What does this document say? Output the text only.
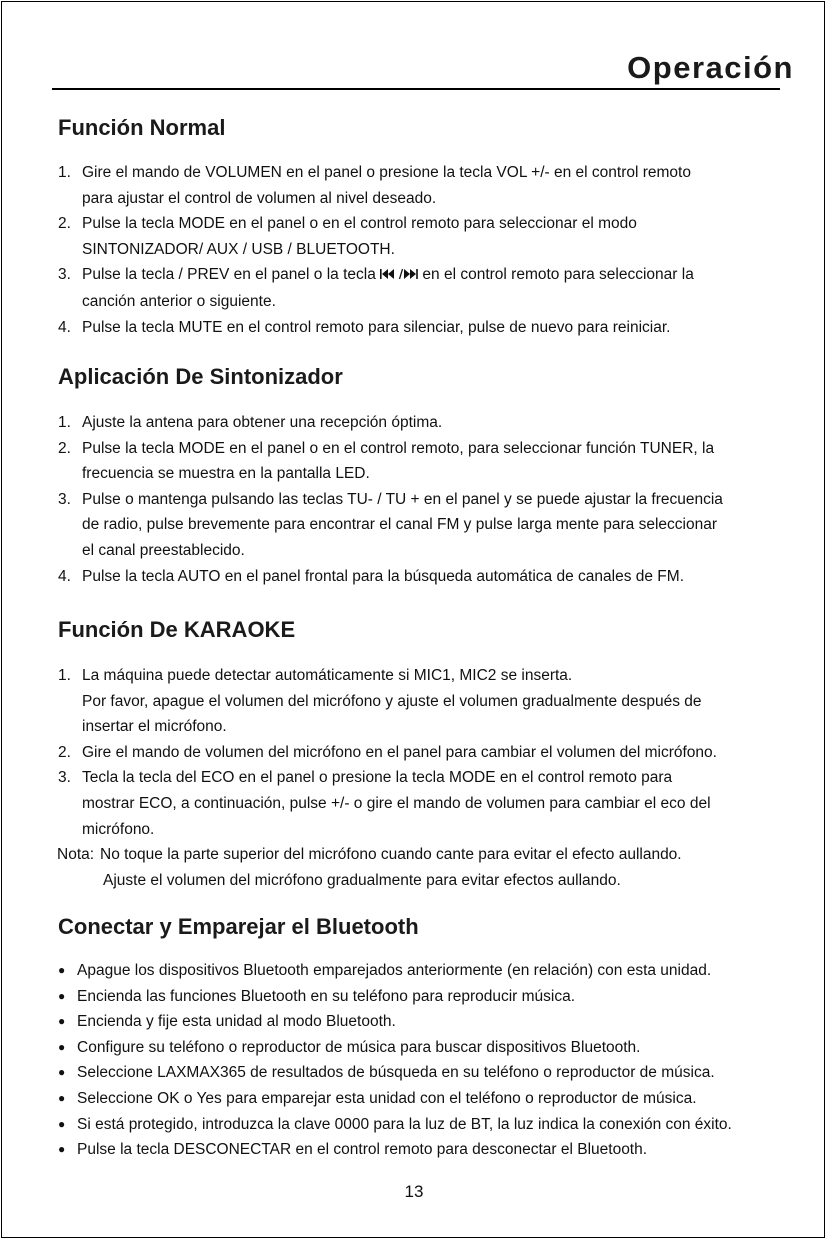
Operación
Función Normal
1. Gire el mando de VOLUMEN en el panel o presione la tecla VOL +/- en el control remoto
para ajustar el control de volumen al nivel deseado.
2. Pulse la tecla MODE en el panel o en el control remoto para seleccionar el modo
SINTONIZADOR/ AUX / USB / BLUETOOTH.
3. Pulse la tecla / PREV en el panel o la tecla  en el control remoto para seleccionar la
canción anterior o siguiente.
4. Pulse la tecla MUTE en el control remoto para silenciar, pulse de nuevo para reiniciar.
Aplicación De Sintonizador
1. Ajuste la antena para obtener una recepción óptima.
2. Pulse la tecla MODE en el panel o en el control remoto, para seleccionar función TUNER, la
frecuencia se muestra en la pantalla LED.
3. Pulse o mantenga pulsando las teclas TU- / TU + en el panel y se puede ajustar la frecuencia
de radio, pulse brevemente para encontrar el canal FM y pulse larga mente para seleccionar
el canal preestablecido.
4. Pulse la tecla AUTO en el panel frontal para la búsqueda automática de canales de FM.
Función De KARAOKE
1. La máquina puede detectar automáticamente si MIC1, MIC2 se inserta.
Por favor, apague el volumen del micrófono y ajuste el volumen gradualmente después de
insertar el micrófono.
2. Gire el mando de volumen del micrófono en el panel para cambiar el volumen del micrófono.
3. Tecla la tecla del ECO en el panel o presione la tecla MODE en el control remoto para
mostrar ECO, a continuación, pulse +/- o gire el mando de volumen para cambiar el eco del
micrófono.
Nota: No toque la parte superior del micrófono cuando cante para evitar el efecto aullando.
Ajuste el volumen del micrófono gradualmente para evitar efectos aullando.
Conectar y Emparejar el Bluetooth
● Apague los dispositivos Bluetooth emparejados anteriormente (en relación) con esta unidad.
● Encienda las funciones Bluetooth en su teléfono para reproducir música.
● Encienda y fije esta unidad al modo Bluetooth.
● Configure su teléfono o reproductor de música para buscar dispositivos Bluetooth.
● Seleccione LAXMAX365 de resultados de búsqueda en su teléfono o reproductor de música.
● Seleccione OK o Yes para emparejar esta unidad con el teléfono o reproductor de música.
● Si está protegido, introduzca la clave 0000 para la luz de BT, la luz indica la conexión con éxito.
● Pulse la tecla DESCONECTAR en el control remoto para desconectar el Bluetooth.

13
